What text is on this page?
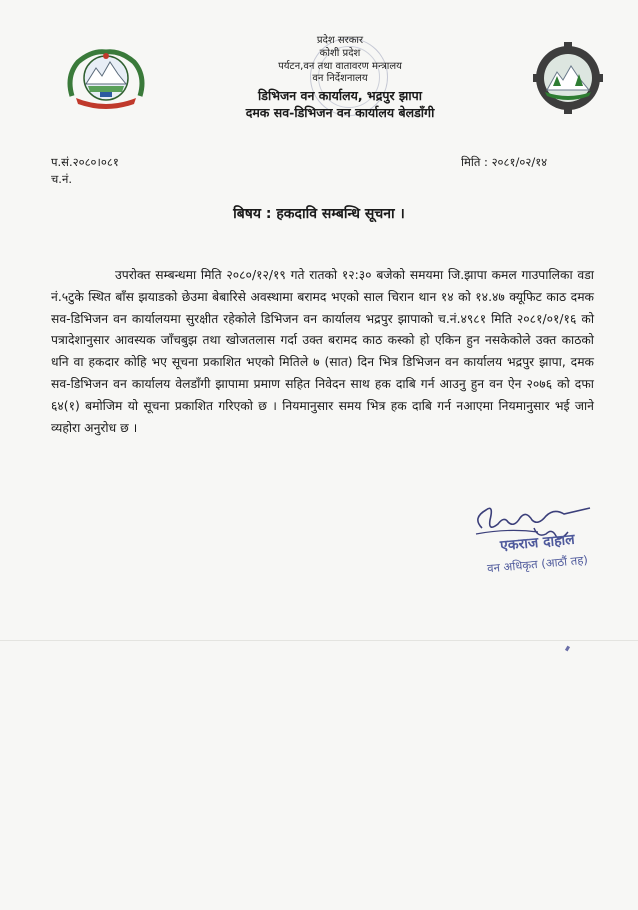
प्रदेश सरकार
कोशी प्रदेश
पर्यटन,वन तथा वातावरण मन्त्रालय
वन निर्देशनालय
डिभिजन वन कार्यालय, भद्रपुर झापा
दमक सव-डिभिजन वन कार्यालय बेलडाँगी
प.सं.२०८०।०८१
च.नं.
मिति : २०८१/०२/१४
बिषय : हकदावि सम्बन्धि सूचना ।

उपरोक्त सम्बन्धमा मिति २०८०/१२/१९ गते रातको १२:३० बजेको समयमा जि.झापा कमल गाउपालिका वडा नं.५टुके स्थित बाँस झयाडको छेउमा बेबारिसे अवस्थामा बरामद भएको साल चिरान थान १४ को १४.४७ क्यूफिट काठ दमक सव-डिभिजन वन कार्यालयमा सुरक्षीत रहेकोले डिभिजन वन कार्यालय भद्रपुर झापाको च.नं.४९८१ मिति २०८१/०१/१६ को पत्रादेशानुसार आवस्यक जाँचबुझ तथा खोजतलास गर्दा उक्त बरामद काठ कस्को हो एकिन हुन नसकेकोले उक्त काठको धनि वा हकदार कोहि भए सूचना प्रकाशित भएको मितिले ७ (सात) दिन भित्र डिभिजन वन कार्यालय भद्रपुर झापा, दमक सव-डिभिजन वन कार्यालय वेलडाँगी झापामा प्रमाण सहित निवेदन साथ हक दाबि गर्न आउनु हुन वन ऐन २०७६ को दफा ६४(१) बमोजिम यो सूचना प्रकाशित गरिएको छ । नियमानुसार समय भित्र हक दाबि गर्न नआएमा नियमानुसार भई जाने व्यहोरा अनुरोध छ ।

एकराज दाहाल
वन अधिकृत (आठौं तह)
